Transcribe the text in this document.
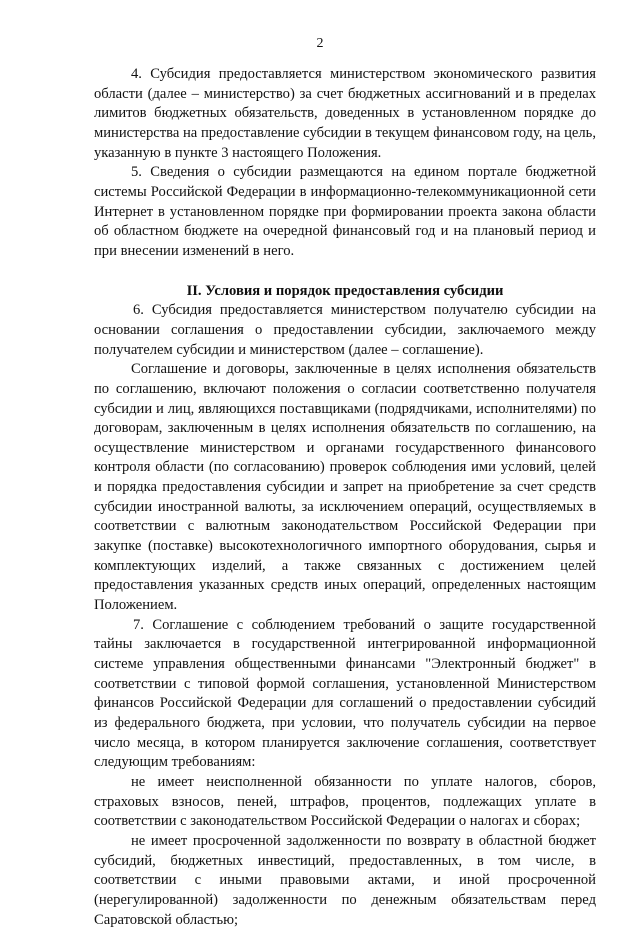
2

4. Субсидия предоставляется министерством экономического развития области (далее – министерство) за счет бюджетных ассигнований и в пределах лимитов бюджетных обязательств, доведенных в установленном порядке до министерства на предоставление субсидии в текущем финансовом году, на цель, указанную в пункте 3 настоящего Положения.

5. Сведения о субсидии размещаются на едином портале бюджетной системы Российской Федерации в информационно-телекоммуникационной сети Интернет в установленном порядке при формировании проекта закона области об областном бюджете на очередной финансовый год и на плановый период и при внесении изменений в него.

II. Условия и порядок предоставления субсидии

6. Субсидия предоставляется министерством получателю субсидии на основании соглашения о предоставлении субсидии, заключаемого между получателем субсидии и министерством (далее – соглашение).

Соглашение и договоры, заключенные в целях исполнения обязательств по соглашению, включают положения о согласии соответственно получателя субсидии и лиц, являющихся поставщиками (подрядчиками, исполнителями) по договорам, заключенным в целях исполнения обязательств по соглашению, на осуществление министерством и органами государственного финансового контроля области (по согласованию) проверок соблюдения ими условий, целей и порядка предоставления субсидии и запрет на приобретение за счет средств субсидии иностранной валюты, за исключением операций, осуществляемых в соответствии с валютным законодательством Российской Федерации при закупке (поставке) высокотехнологичного импортного оборудования, сырья и комплектующих изделий, а также связанных с достижением целей предоставления указанных средств иных операций, определенных настоящим Положением.

7. Соглашение с соблюдением требований о защите государственной тайны заключается в государственной интегрированной информационной системе управления общественными финансами "Электронный бюджет" в соответствии с типовой формой соглашения, установленной Министерством финансов Российской Федерации для соглашений о предоставлении субсидий из федерального бюджета, при условии, что получатель субсидии на первое число месяца, в котором планируется заключение соглашения, соответствует следующим требованиям:

не имеет неисполненной обязанности по уплате налогов, сборов, страховых взносов, пеней, штрафов, процентов, подлежащих уплате в соответствии с законодательством Российской Федерации о налогах и сборах;

не имеет просроченной задолженности по возврату в областной бюджет субсидий, бюджетных инвестиций, предоставленных, в том числе, в соответствии с иными правовыми актами, и иной просроченной (нерегулированной) задолженности по денежным обязательствам перед Саратовской областью;
